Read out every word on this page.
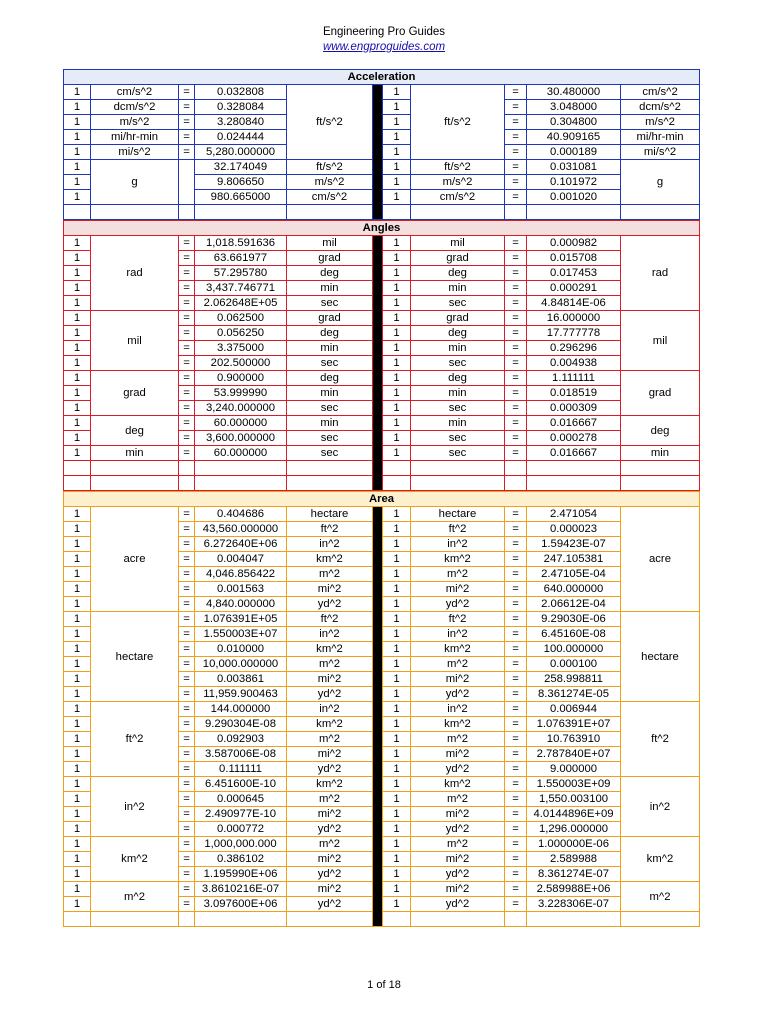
Engineering Pro Guides
www.engproguides.com
Acceleration										
1	cm/s^2	=	0.032808	ft/s^2		1	ft/s^2	=	30.480000	cm/s^2
1	dcm/s^2	=	0.328084			1		=	3.048000	dcm/s^2
1	m/s^2	=	3.280840			1		=	0.304800	m/s^2
1	mi/hr-min	=	0.024444			1		=	40.909165	mi/hr-min
1	mi/s^2	=	5,280.000000			1		=	0.000189	mi/s^2
1	g		32.174049	ft/s^2		1	ft/s^2	=	0.031081	g
1			9.806650	m/s^2		1	m/s^2	=	0.101972	
1			980.665000	cm/s^2		1	cm/s^2	=	0.001020	

Angles										
1	rad	=	1,018.591636	mil		1	mil	=	0.000982	rad
1		=	63.661977	grad		1	grad	=	0.015708	
1		=	57.295780	deg		1	deg	=	0.017453	
1		=	3,437.746771	min		1	min	=	0.000291	
1		=	2.062648E+05	sec		1	sec	=	4.84814E-06	
1	mil	=	0.062500	grad		1	grad	=	16.000000	mil
1		=	0.056250	deg		1	deg	=	17.777778	
1		=	3.375000	min		1	min	=	0.296296	
1		=	202.500000	sec		1	sec	=	0.004938	
1	grad	=	0.900000	deg		1	deg	=	1.111111	grad
1		=	53.999990	min		1	min	=	0.018519	
1		=	3,240.000000	sec		1	sec	=	0.000309	
1	deg	=	60.000000	min		1	min	=	0.016667	deg
1		=	3,600.000000	sec		1	sec	=	0.000278	
1	min	=	60.000000	sec		1	sec	=	0.016667	min

Area										
1	acre	=	0.404686	hectare		1	hectare	=	2.471054	acre
1		=	43,560.000000	ft^2		1	ft^2	=	0.000023	
1		=	6.272640E+06	in^2		1	in^2	=	1.59423E-07	
1		=	0.004047	km^2		1	km^2	=	247.105381	
1		=	4,046.856422	m^2		1	m^2	=	2.47105E-04	
1		=	0.001563	mi^2		1	mi^2	=	640.000000	
1		=	4,840.000000	yd^2		1	yd^2	=	2.06612E-04	
1	hectare	=	1.076391E+05	ft^2		1	ft^2	=	9.29030E-06	hectare
1		=	1.550003E+07	in^2		1	in^2	=	6.45160E-08	
1		=	0.010000	km^2		1	km^2	=	100.000000	
1		=	10,000.000000	m^2		1	m^2	=	0.000100	
1		=	0.003861	mi^2		1	mi^2	=	258.998811	
1		=	11,959.900463	yd^2		1	yd^2	=	8.361274E-05	
1	ft^2	=	144.000000	in^2		1	in^2	=	0.006944	ft^2
1		=	9.290304E-08	km^2		1	km^2	=	1.076391E+07	
1		=	0.092903	m^2		1	m^2	=	10.763910	
1		=	3.587006E-08	mi^2		1	mi^2	=	2.787840E+07	
1		=	0.111111	yd^2		1	yd^2	=	9.000000	
1	in^2	=	6.451600E-10	km^2		1	km^2	=	1.550003E+09	in^2
1		=	0.000645	m^2		1	m^2	=	1,550.003100	
1		=	2.490977E-10	mi^2		1	mi^2	=	4.0144896E+09	
1		=	0.000772	yd^2		1	yd^2	=	1,296.000000	
1	km^2	=	1,000,000.000	m^2		1	m^2	=	1.000000E-06	km^2
1		=	0.386102	mi^2		1	mi^2	=	2.589988	
1		=	1.195990E+06	yd^2		1	yd^2	=	8.361274E-07	
1	m^2	=	3.8610216E-07	mi^2		1	mi^2	=	2.589988E+06	m^2
1		=	3.097600E+06	yd^2		1	yd^2	=	3.228306E-07	

1 of 18
